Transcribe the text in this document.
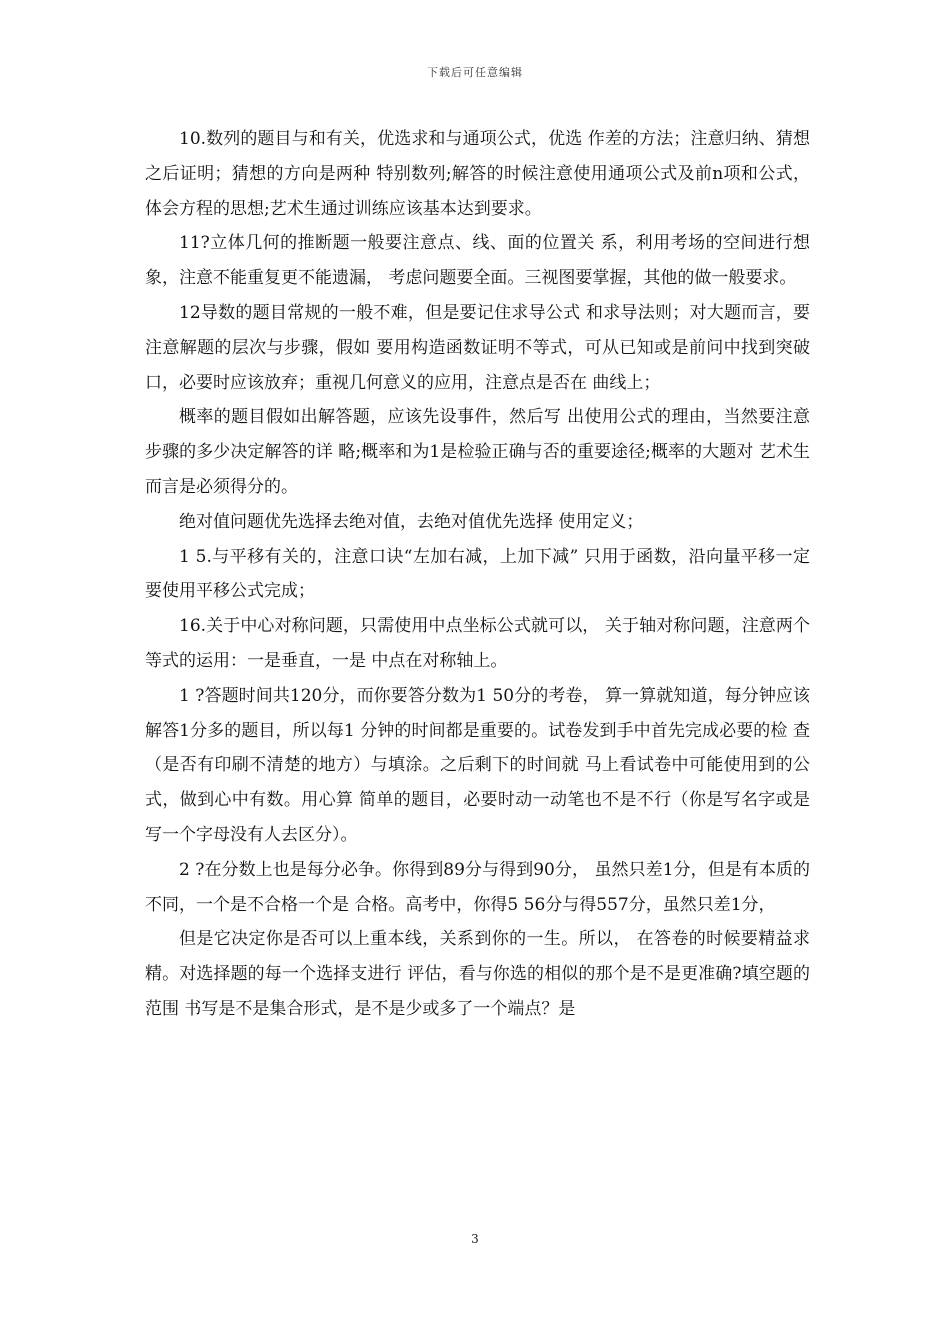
下载后可任意编辑

10.数列的题目与和有关，优选求和与通项公式，优选 作差的方法；注意归纳、猜想之后证明；猜想的方向是两种 特别数列;解答的时候注意使用通项公式及前n项和公式， 体会方程的思想;艺术生通过训练应该基本达到要求。

11?立体几何的推断题一般要注意点、线、面的位置关 系，利用考场的空间进行想象，注意不能重复更不能遗漏， 考虑问题要全面。三视图要掌握，其他的做一般要求。

12导数的题目常规的一般不难，但是要记住求导公式 和求导法则；对大题而言，要注意解题的层次与步骤，假如 要用构造函数证明不等式，可从已知或是前问中找到突破 口，必要时应该放弃；重视几何意义的应用，注意点是否在 曲线上；

概率的题目假如出解答题，应该先设事件，然后写 出使用公式的理由，当然要注意步骤的多少决定解答的详 略;概率和为1是检验正确与否的重要途径;概率的大题对 艺术生而言是必须得分的。

绝对值问题优先选择去绝对值，去绝对值优先选择 使用定义；

1 5.与平移有关的，注意口诀“左加右减，上加下减” 只用于函数，沿向量平移一定要使用平移公式完成；

16.关于中心对称问题，只需使用中点坐标公式就可以， 关于轴对称问题，注意两个等式的运用：一是垂直，一是 中点在对称轴上。

1 ?答题时间共120分，而你要答分数为1 50分的考卷， 算一算就知道，每分钟应该解答1分多的题目，所以每1 分钟的时间都是重要的。试卷发到手中首先完成必要的检 查（是否有印刷不清楚的地方）与填涂。之后剩下的时间就 马上看试卷中可能使用到的公式，做到心中有数。用心算 简单的题目，必要时动一动笔也不是不行（你是写名字或是 写一个字母没有人去区分）。

2 ?在分数上也是每分必争。你得到89分与得到90分， 虽然只差1分，但是有本质的不同，一个是不合格一个是 合格。高考中，你得5 56分与得557分，虽然只差1分，

但是它决定你是否可以上重本线，关系到你的一生。所以， 在答卷的时候要精益求精。对选择题的每一个选择支进行 评估，看与你选的相似的那个是不是更准确?填空题的范围 书写是不是集合形式，是不是少或多了一个端点？是

3
